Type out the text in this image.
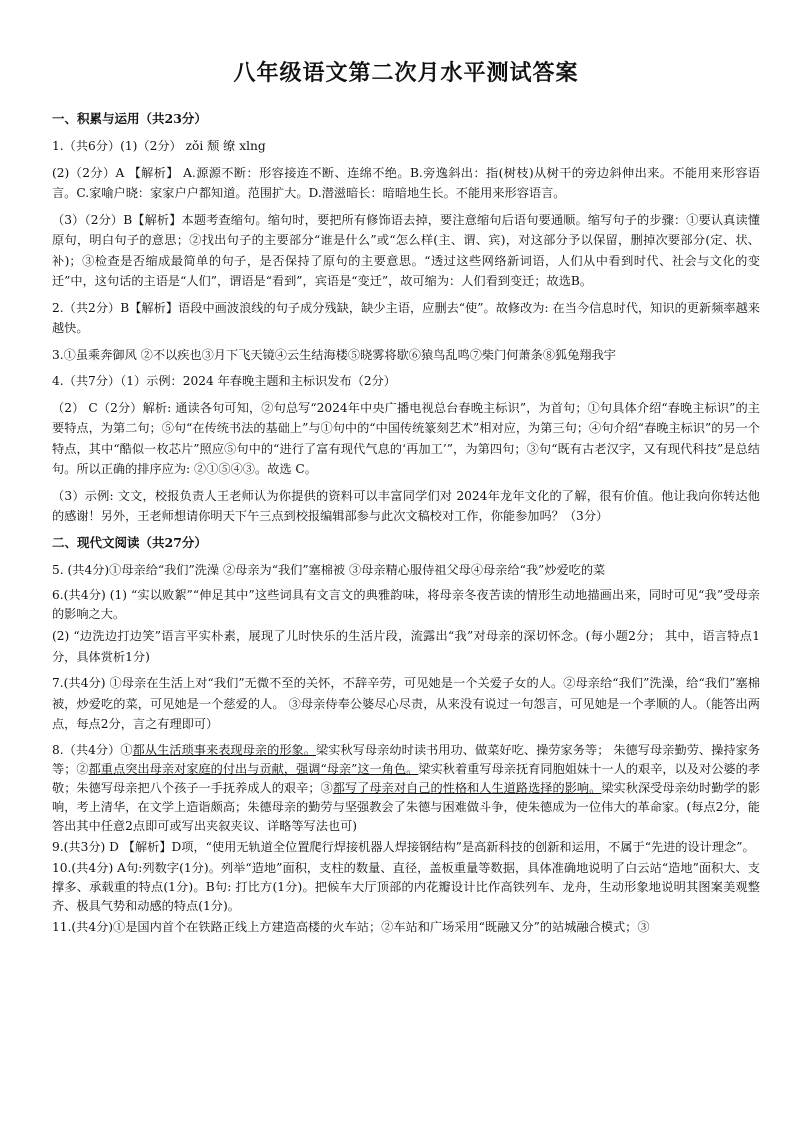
八年级语文第二次月水平测试答案
一、积累与运用（共23分）
1.（共6分）(1)（2分） zǒi 颓 缭 xlng
(2)（2分）A 【解析】 A.源源不断：形容接连不断、连绵不绝。B.旁逸斜出：指(树枝)从树干的旁边斜伸出来。不能用来形容语言。C.家喻户晓：家家户户都知道。范围扩大。D.潜滋暗长：暗暗地生长。不能用来形容语言。
（3）（2分）B【解析】本题考查缩句。缩句时，要把所有修饰语去掉，要注意缩句后语句要通顺。缩写句子的步骤：①要认真读懂原句，明白句子的意思；②找出句子的主要部分“谁是什么”或“怎么样(主、谓、宾)，对这部分予以保留，删掉次要部分(定、状、补)；③检查是否缩成最简单的句子，是否保持了原句的主要意思。“透过这些网络新词语，人们从中看到时代、社会与文化的变迁”中，这句话的主语是“人们”，谓语是“看到”，宾语是“变迁”，故可缩为：人们看到变迁；故选B。
2.（共2分）B【解析】语段中画波浪线的句子成分残缺，缺少主语，应删去“使”。故修改为: 在当今信息时代，知识的更新频率越来越快。
3.①虽乘奔御风 ②不以疾也③月下飞天镜④云生结海楼⑤晓雾将歇⑥猿鸟乱鸣⑦柴门何萧条⑧狐兔翔我宇
4.（共7分）（1）示例：2024 年春晚主题和主标识发布（2分）
（2） C（2分）解析: 通读各句可知，②句总写“2024年中央广播电视总台春晚主标识”，为首句；①句具体介绍“春晚主标识”的主要特点，为第二句；⑤句“在传统书法的基础上”与①句中的“中国传统篆刻艺术”相对应，为第三句；④句介绍“春晚主标识”的另一个特点，其中“酷似一枚芯片”照应⑤句中的“进行了富有现代气息的‘再加工’”，为第四句；③句“既有古老汉字，又有现代科技”是总结句。所以正确的排序应为: ②①⑤④③。故选 C。
（3）示例: 文文，校报负责人王老师认为你提供的资料可以丰富同学们对 2024年龙年文化的了解，很有价值。他让我向你转达他的感谢！另外，王老师想请你明天下午三点到校报编辑部参与此次文稿校对工作，你能参加吗？（3分）
二、现代文阅读（共27分）
5. (共4分)①母亲给“我们”洗澡 ②母亲为“我们”塞棉被 ③母亲精心服侍祖父母④母亲给“我”炒爱吃的菜
6.(共4分) (1) “实以败絮”“伸足其中”这些词具有文言文的典雅韵味，将母亲冬夜苦读的情形生动地描画出来，同时可见“我”受母亲的影响之大。
(2) “边洗边打边笑”语言平实朴素，展现了儿时快乐的生活片段，流露出“我”对母亲的深切怀念。(每小题2分； 其中，语言特点1分，具体赏析1分)
7.(共4分) ①母亲在生活上对“我们”无微不至的关怀，不辞辛劳，可见她是一个关爱子女的人。②母亲给“我们”洗澡，给“我们”塞棉被，炒爱吃的菜，可见她是一个慈爱的人。 ③母亲侍奉公婆尽心尽责，从来没有说过一句怨言，可见她是一个孝顺的人。（能答出两点，每点2分，言之有理即可）
8.（共4分）①都从生活琐事来表现母亲的形象。梁实秋写母亲幼时读书用功、做菜好吃、操劳家务等； 朱德写母亲勤劳、操持家务等；②都重点突出母亲对家庭的付出与贡献，强调“母亲”这一角色。梁实秋着重写母亲抚育同胞姐妹十一人的艰辛，以及对公婆的孝敬；朱德写母亲把八个孩子一手抚养成人的艰辛；③都写了母亲对自己的性格和人生道路选择的影响。梁实秋深受母亲幼时勤学的影响，考上清华，在文学上造诣颇高；朱德母亲的勤劳与坚强教会了朱德与困难做斗争，使朱德成为一位伟大的革命家。(每点2分，能答出其中任意2点即可或写出夹叙夹议、详略等写法也可)
9.(共3分) D 【解析】D项，“使用无轨道全位置爬行焊接机器人焊接钢结构”是高新科技的创新和运用，不属于“先进的设计理念”。
10.(共4分) A句:列数字(1分)。列举“造地”面积，支柱的数量、直径，盖板重量等数据，具体准确地说明了白云站“造地”面积大、支撑多、承载重的特点(1分)。B句: 打比方(1分)。把候车大厅顶部的内花瓣设计比作高铁列车、龙舟，生动形象地说明其图案美观整齐、极具气势和动感的特点(1分)。
11.(共4分)①是国内首个在铁路正线上方建造高楼的火车站；②车站和广场采用“既融又分”的站城融合模式；③
